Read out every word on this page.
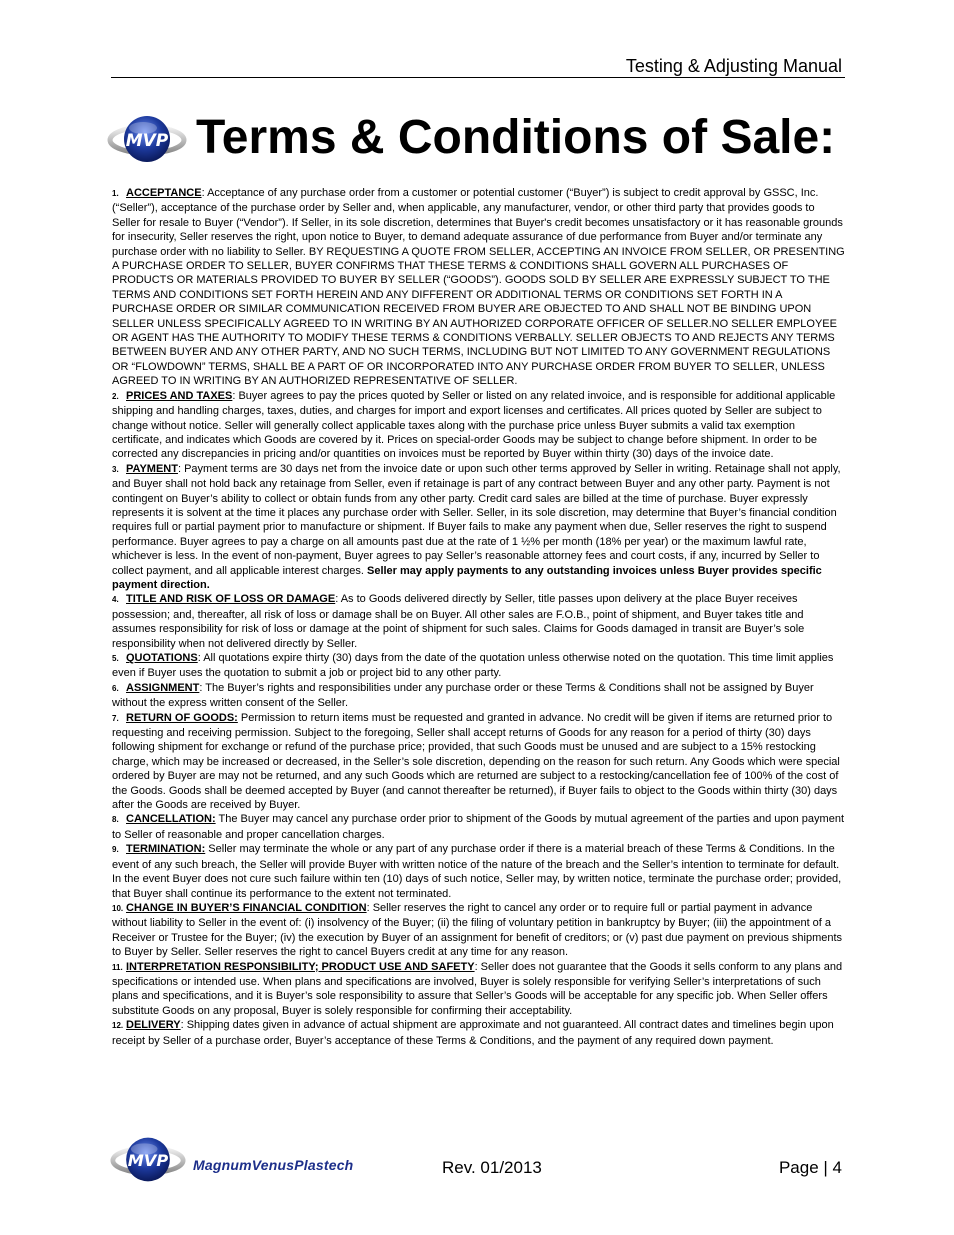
Testing & Adjusting Manual
MVP Terms & Conditions of Sale:

1. ACCEPTANCE: Acceptance of any purchase order from a customer or potential customer (“Buyer”) is subject to credit approval by GSSC, Inc. (“Seller”), acceptance of the purchase order by Seller and, when applicable, any manufacturer, vendor, or other third party that provides goods to Seller for resale to Buyer (“Vendor”). If Seller, in its sole discretion, determines that Buyer's credit becomes unsatisfactory or it has reasonable grounds for insecurity, Seller reserves the right, upon notice to Buyer, to demand adequate assurance of due performance from Buyer and/or terminate any purchase order with no liability to Seller. BY REQUESTING A QUOTE FROM SELLER, ACCEPTING AN INVOICE FROM SELLER, OR PRESENTING A PURCHASE ORDER TO SELLER, BUYER CONFIRMS THAT THESE TERMS & CONDITIONS SHALL GOVERN ALL PURCHASES OF PRODUCTS OR MATERIALS PROVIDED TO BUYER BY SELLER (“GOODS”). GOODS SOLD BY SELLER ARE EXPRESSLY SUBJECT TO THE TERMS AND CONDITIONS SET FORTH HEREIN AND ANY DIFFERENT OR ADDITIONAL TERMS OR CONDITIONS SET FORTH IN A PURCHASE ORDER OR SIMILAR COMMUNICATION RECEIVED FROM BUYER ARE OBJECTED TO AND SHALL NOT BE BINDING UPON SELLER UNLESS SPECIFICALLY AGREED TO IN WRITING BY AN AUTHORIZED CORPORATE OFFICER OF SELLER.NO SELLER EMPLOYEE OR AGENT HAS THE AUTHORITY TO MODIFY THESE TERMS & CONDITIONS VERBALLY. SELLER OBJECTS TO AND REJECTS ANY TERMS BETWEEN BUYER AND ANY OTHER PARTY, AND NO SUCH TERMS, INCLUDING BUT NOT LIMITED TO ANY GOVERNMENT REGULATIONS OR “FLOWDOWN” TERMS, SHALL BE A PART OF OR INCORPORATED INTO ANY PURCHASE ORDER FROM BUYER TO SELLER, UNLESS AGREED TO IN WRITING BY AN AUTHORIZED REPRESENTATIVE OF SELLER.

2. PRICES AND TAXES: Buyer agrees to pay the prices quoted by Seller or listed on any related invoice, and is responsible for additional applicable shipping and handling charges, taxes, duties, and charges for import and export licenses and certificates. All prices quoted by Seller are subject to change without notice. Seller will generally collect applicable taxes along with the purchase price unless Buyer submits a valid tax exemption certificate, and indicates which Goods are covered by it. Prices on special-order Goods may be subject to change before shipment. In order to be corrected any discrepancies in pricing and/or quantities on invoices must be reported by Buyer within thirty (30) days of the invoice date.

3. PAYMENT: Payment terms are 30 days net from the invoice date or upon such other terms approved by Seller in writing. Retainage shall not apply, and Buyer shall not hold back any retainage from Seller, even if retainage is part of any contract between Buyer and any other party. Payment is not contingent on Buyer’s ability to collect or obtain funds from any other party. Credit card sales are billed at the time of purchase. Buyer expressly represents it is solvent at the time it places any purchase order with Seller. Seller, in its sole discretion, may determine that Buyer’s financial condition requires full or partial payment prior to manufacture or shipment. If Buyer fails to make any payment when due, Seller reserves the right to suspend performance. Buyer agrees to pay a charge on all amounts past due at the rate of 1 ½% per month (18% per year) or the maximum lawful rate, whichever is less. In the event of non-payment, Buyer agrees to pay Seller’s reasonable attorney fees and court costs, if any, incurred by Seller to collect payment, and all applicable interest charges. Seller may apply payments to any outstanding invoices unless Buyer provides specific payment direction.

4. TITLE AND RISK OF LOSS OR DAMAGE: As to Goods delivered directly by Seller, title passes upon delivery at the place Buyer receives possession; and, thereafter, all risk of loss or damage shall be on Buyer. All other sales are F.O.B., point of shipment, and Buyer takes title and assumes responsibility for risk of loss or damage at the point of shipment for such sales. Claims for Goods damaged in transit are Buyer’s sole responsibility when not delivered directly by Seller.

5. QUOTATIONS: All quotations expire thirty (30) days from the date of the quotation unless otherwise noted on the quotation. This time limit applies even if Buyer uses the quotation to submit a job or project bid to any other party.

6. ASSIGNMENT: The Buyer’s rights and responsibilities under any purchase order or these Terms & Conditions shall not be assigned by Buyer without the express written consent of the Seller.

7. RETURN OF GOODS: Permission to return items must be requested and granted in advance. No credit will be given if items are returned prior to requesting and receiving permission. Subject to the foregoing, Seller shall accept returns of Goods for any reason for a period of thirty (30) days following shipment for exchange or refund of the purchase price; provided, that such Goods must be unused and are subject to a 15% restocking charge, which may be increased or decreased, in the Seller’s sole discretion, depending on the reason for such return. Any Goods which were special ordered by Buyer are may not be returned, and any such Goods which are returned are subject to a restocking/cancellation fee of 100% of the cost of the Goods. Goods shall be deemed accepted by Buyer (and cannot thereafter be returned), if Buyer fails to object to the Goods within thirty (30) days after the Goods are received by Buyer.

8. CANCELLATION: The Buyer may cancel any purchase order prior to shipment of the Goods by mutual agreement of the parties and upon payment to Seller of reasonable and proper cancellation charges.

9. TERMINATION: Seller may terminate the whole or any part of any purchase order if there is a material breach of these Terms & Conditions. In the event of any such breach, the Seller will provide Buyer with written notice of the nature of the breach and the Seller’s intention to terminate for default. In the event Buyer does not cure such failure within ten (10) days of such notice, Seller may, by written notice, terminate the purchase order; provided, that Buyer shall continue its performance to the extent not terminated.

10. CHANGE IN BUYER’S FINANCIAL CONDITION: Seller reserves the right to cancel any order or to require full or partial payment in advance without liability to Seller in the event of: (i) insolvency of the Buyer; (ii) the filing of voluntary petition in bankruptcy by Buyer; (iii) the appointment of a Receiver or Trustee for the Buyer; (iv) the execution by Buyer of an assignment for benefit of creditors; or (v) past due payment on previous shipments to Buyer by Seller. Seller reserves the right to cancel Buyers credit at any time for any reason.

11. INTERPRETATION RESPONSIBILITY; PRODUCT USE AND SAFETY: Seller does not guarantee that the Goods it sells conform to any plans and specifications or intended use. When plans and specifications are involved, Buyer is solely responsible for verifying Seller’s interpretations of such plans and specifications, and it is Buyer’s sole responsibility to assure that Seller’s Goods will be acceptable for any specific job. When Seller offers substitute Goods on any proposal, Buyer is solely responsible for confirming their acceptability.

12. DELIVERY: Shipping dates given in advance of actual shipment are approximate and not guaranteed. All contract dates and timelines begin upon receipt by Seller of a purchase order, Buyer’s acceptance of these Terms & Conditions, and the payment of any required down payment.

MVP MagnumVenusPlastech	Rev. 01/2013	Page | 4
